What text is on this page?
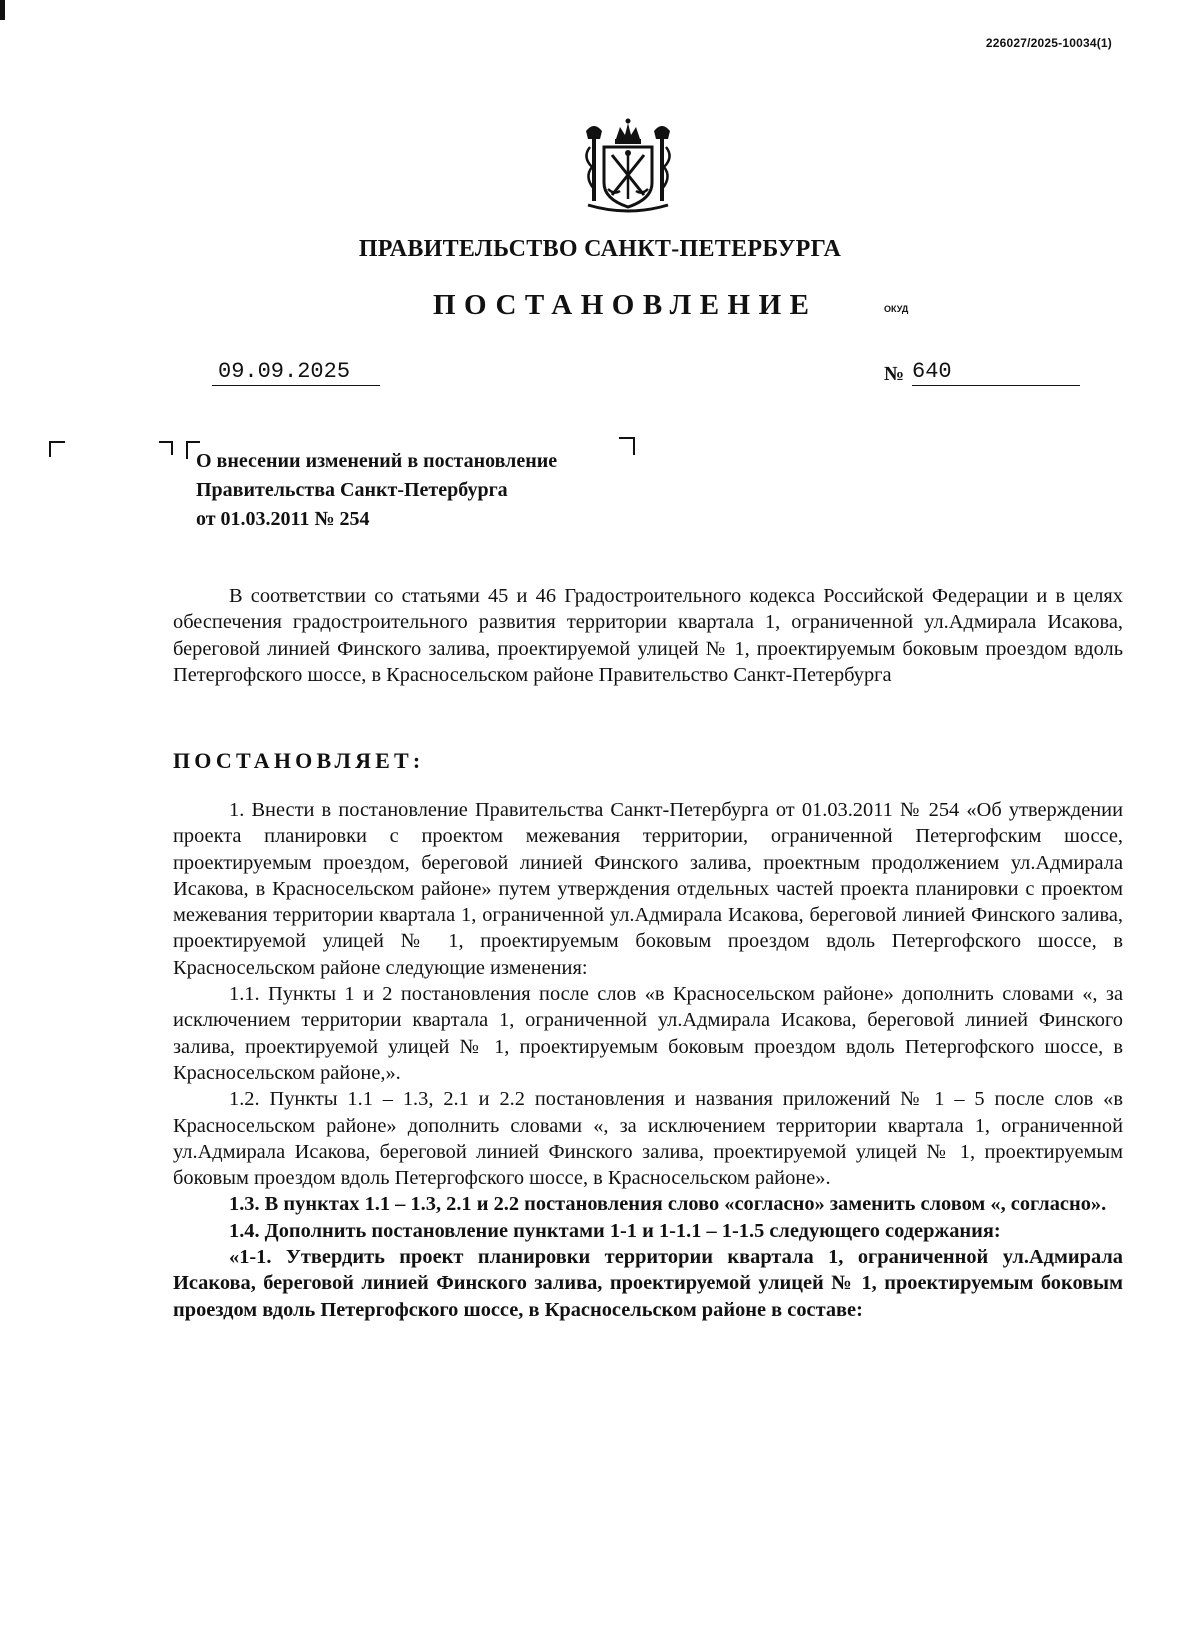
226027/2025-10034(1)
ПРАВИТЕЛЬСТВО САНКТ-ПЕТЕРБУРГА
ПОСТАНОВЛЕНИЕ	ОКУД
09.09.2025	№ 640
О внесении изменений в постановление
Правительства Санкт-Петербурга
от 01.03.2011 № 254

В соответствии со статьями 45 и 46 Градостроительного кодекса Российской Федерации и в целях обеспечения градостроительного развития территории квартала 1, ограниченной ул.Адмирала Исакова, береговой линией Финского залива, проектируемой улицей № 1, проектируемым боковым проездом вдоль Петергофского шоссе, в Красносельском районе Правительство Санкт-Петербурга

ПОСТАНОВЛЯЕТ:

1. Внести в постановление Правительства Санкт-Петербурга от 01.03.2011 № 254 «Об утверждении проекта планировки с проектом межевания территории, ограниченной Петергофским шоссе, проектируемым проездом, береговой линией Финского залива, проектным продолжением ул.Адмирала Исакова, в Красносельском районе» путем утверждения отдельных частей проекта планировки с проектом межевания территории квартала 1, ограниченной ул.Адмирала Исакова, береговой линией Финского залива, проектируемой улицей № 1, проектируемым боковым проездом вдоль Петергофского шоссе, в Красносельском районе следующие изменения:

1.1. Пункты 1 и 2 постановления после слов «в Красносельском районе» дополнить словами «, за исключением территории квартала 1, ограниченной ул.Адмирала Исакова, береговой линией Финского залива, проектируемой улицей № 1, проектируемым боковым проездом вдоль Петергофского шоссе, в Красносельском районе,».

1.2. Пункты 1.1 – 1.3, 2.1 и 2.2 постановления и названия приложений № 1 – 5 после слов «в Красносельском районе» дополнить словами «, за исключением территории квартала 1, ограниченной ул.Адмирала Исакова, береговой линией Финского залива, проектируемой улицей № 1, проектируемым боковым проездом вдоль Петергофского шоссе, в Красносельском районе».

1.3. В пунктах 1.1 – 1.3, 2.1 и 2.2 постановления слово «согласно» заменить словом «, согласно».

1.4. Дополнить постановление пунктами 1-1 и 1-1.1 – 1-1.5 следующего содержания:

«1-1. Утвердить проект планировки территории квартала 1, ограниченной ул.Адмирала Исакова, береговой линией Финского залива, проектируемой улицей № 1, проектируемым боковым проездом вдоль Петергофского шоссе, в Красносельском районе в составе:
